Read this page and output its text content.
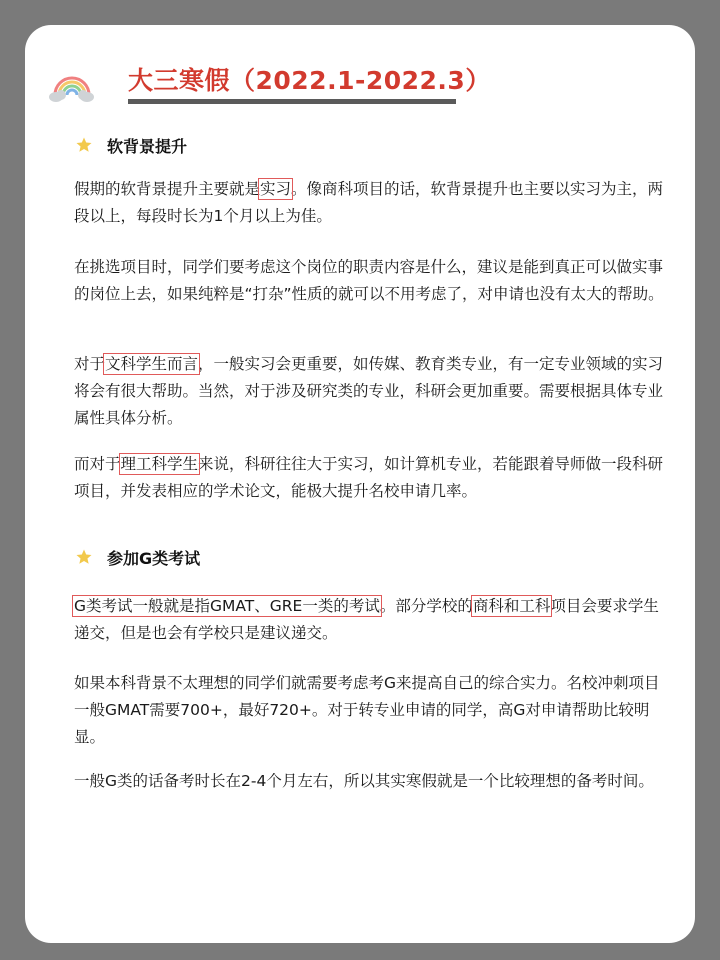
大三寒假（2022.1-2022.3）
软背景提升

假期的软背景提升主要就是实习。像商科项目的话，软背景提升也主要以实习为主，两段以上，每段时长为1个月以上为佳。

在挑选项目时，同学们要考虑这个岗位的职责内容是什么，建议是能到真正可以做实事的岗位上去，如果纯粹是“打杂”性质的就可以不用考虑了，对申请也没有太大的帮助。

对于文科学生而言，一般实习会更重要，如传媒、教育类专业，有一定专业领域的实习将会有很大帮助。当然，对于涉及研究类的专业，科研会更加重要。需要根据具体专业属性具体分析。

而对于理工科学生来说，科研往往大于实习，如计算机专业，若能跟着导师做一段科研项目，并发表相应的学术论文，能极大提升名校申请几率。

参加G类考试

G类考试一般就是指GMAT、GRE一类的考试。部分学校的商科和工科项目会要求学生递交，但是也会有学校只是建议递交。

如果本科背景不太理想的同学们就需要考虑考G来提高自己的综合实力。名校冲刺项目一般GMAT需要700+，最好720+。对于转专业申请的同学，高G对申请帮助比较明显。

一般G类的话备考时长在2-4个月左右，所以其实寒假就是一个比较理想的备考时间。
